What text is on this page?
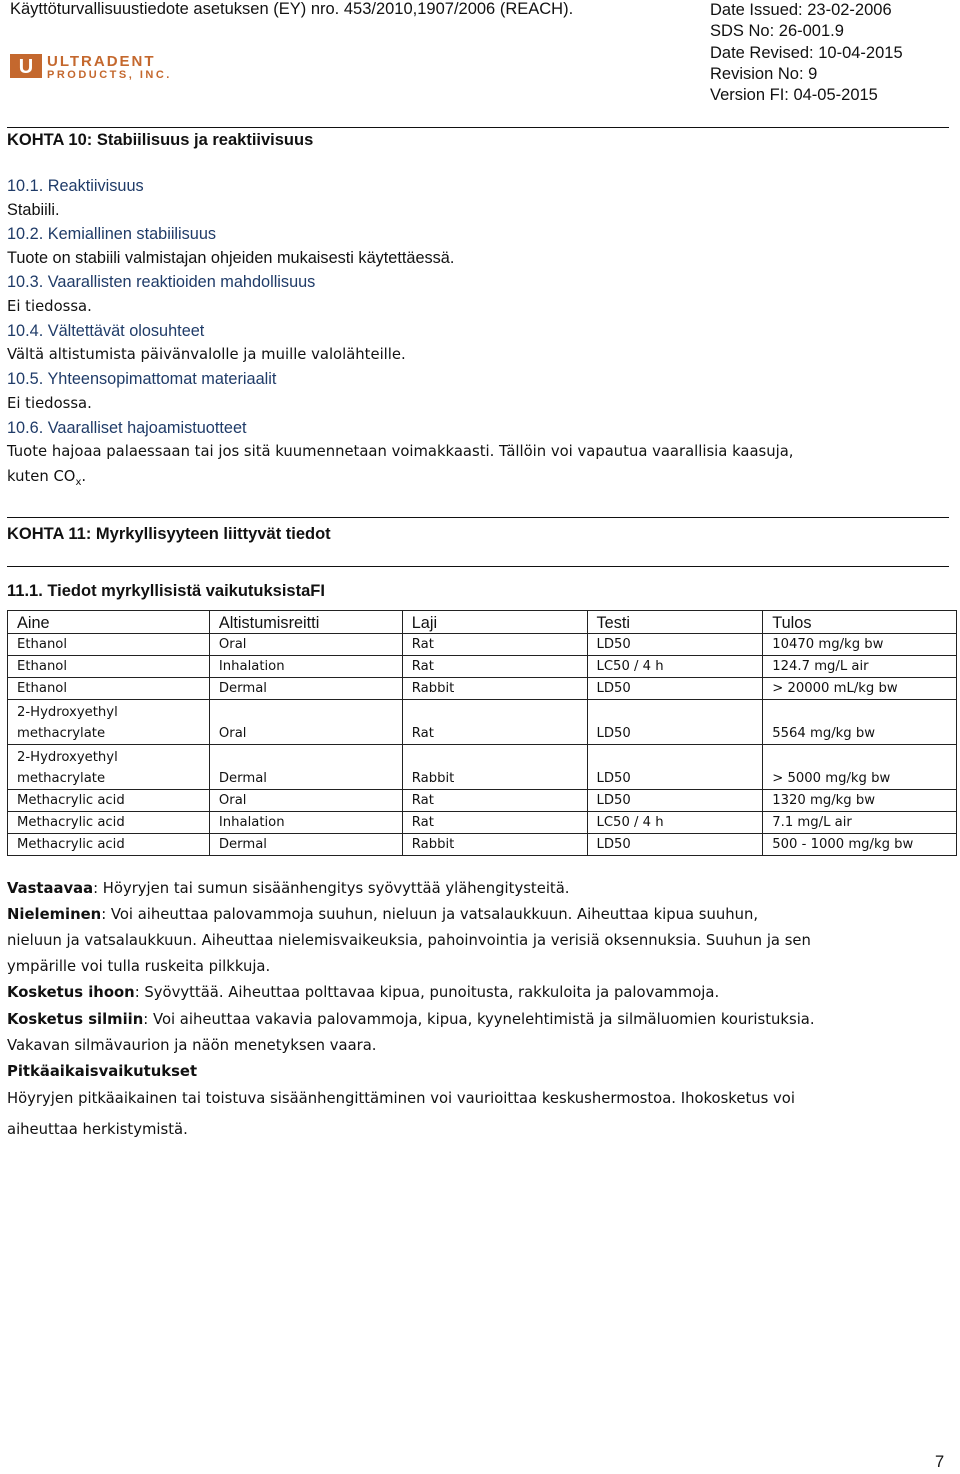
Käyttöturvallisuustiedote asetuksen (EY) nro. 453/2010,1907/2006 (REACH).	Date Issued: 23-02-2006
SDS No: 26-001.9
Date Revised: 10-04-2015
Revision No: 9
Version FI: 04-05-2015
U ULTRADENT
PRODUCTS, INC.
KOHTA 10: Stabiilisuus ja reaktiivisuus
10.1. Reaktiivisuus
Stabiili.
10.2. Kemiallinen stabiilisuus
Tuote on stabiili valmistajan ohjeiden mukaisesti käytettäessä.
10.3. Vaarallisten reaktioiden mahdollisuus
Ei tiedossa.
10.4. Vältettävät olosuhteet
Vältä altistumista päivänvalolle ja muille valolähteille.
10.5. Yhteensopimattomat materiaalit
Ei tiedossa.
10.6. Vaaralliset hajoamistuotteet
Tuote hajoaa palaessaan tai jos sitä kuumennetaan voimakkaasti. Tällöin voi vapautua vaarallisia kaasuja,
kuten $CO_x$.
KOHTA 11: Myrkyllisyyteen liittyvät tiedot
11.1. Tiedot myrkyllisistä vaikutuksistaFI
Aine	Altistumisreitti	Laji	Testi	Tulos
Ethanol	Oral	Rat	LD50	10470 mg/kg bw
Ethanol	Inhalation	Rat	LC50 / 4 h	124.7 mg/L air
Ethanol	Dermal	Rabbit	LD50	> 20000 mL/kg bw

2-Hydroxyethyl methacrylate	Oral	Rat	LD50	5564 mg/kg bw

2-Hydroxyethyl methacrylate	Dermal	Rabbit	LD50	> 5000 mg/kg bw
Methacrylic acid	Oral	Rat	LD50	1320 mg/kg bw
Methacrylic acid	Inhalation	Rat	LC50 / 4 h	7.1 mg/L air
Methacrylic acid	Dermal	Rabbit	LD50	500 - 1000 mg/kg bw
Vastaavaa: Höyryjen tai sumun sisäänhengitys syövyttää ylähengitysteitä.
Nieleminen: Voi aiheuttaa palovammoja suuhun, nieluun ja vatsalaukkuun. Aiheuttaa kipua suuhun,
nieluun ja vatsalaukkuun. Aiheuttaa nielemisvaikeuksia, pahoinvointia ja verisiä oksennuksia. Suuhun ja sen
ympärille voi tulla ruskeita pilkkuja.
Kosketus ihoon: Syövyttää. Aiheuttaa polttavaa kipua, punoitusta, rakkuloita ja palovammoja.
Kosketus silmiin: Voi aiheuttaa vakavia palovammoja, kipua, kyynelehtimistä ja silmäluomien kouristuksia.
Vakavan silmävaurion ja näön menetyksen vaara.
Pitkäaikaisvaikutukset
Höyryjen pitkäaikainen tai toistuva sisäänhengittäminen voi vaurioittaa keskushermostoa. Ihokosketus voi
aiheuttaa herkistymistä.
7
